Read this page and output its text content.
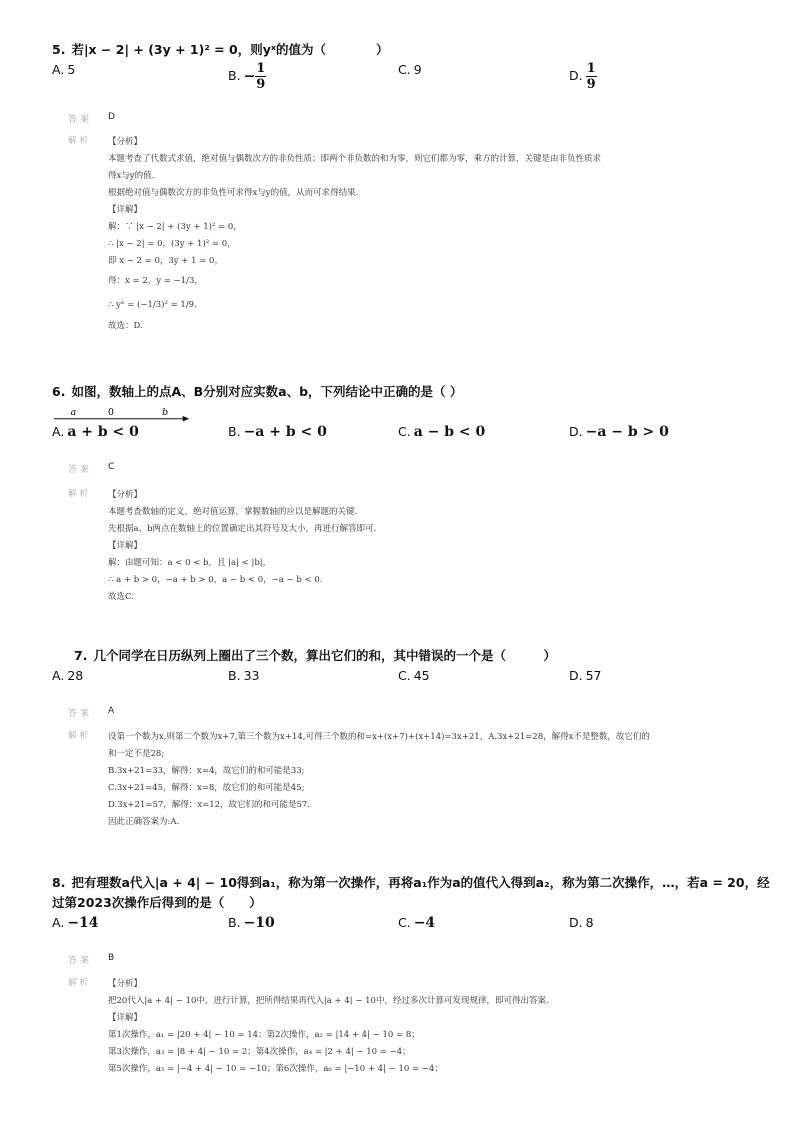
5. 若|x − 2| + (3y + 1)² = 0，则yˣ的值为（　　　　）
A. 5	B. − $\frac{1}{9}$	C. 9	D. $\frac{1}{9}$
答案	D
解析	【分析】
本题考查了代数式求值，绝对值与偶数次方的非负性质；即两个非负数的和为零，则它们都为零，乘方的计算，关键是由非负性质求
得x与y的值.
根据绝对值与偶数次方的非负性可求得x与y的值，从而可求得结果.
【详解】
解：∵ |x − 2| + (3y + 1)² = 0，
∴ |x − 2| = 0，(3y + 1)² = 0，
即 x − 2 = 0，3y + 1 = 0，
得：x = 2，y = −1/3，
∴ yˣ = (−1/3)² = 1/9.
故选：D.
6. 如图，数轴上的点A、B分别对应实数a、b，下列结论中正确的是（ ）
a	0	b
A. a + b < 0	B. −a + b < 0	C. a − b < 0	D. −a − b > 0
答案	C
解析	【分析】
本题考查数轴的定义，绝对值运算，掌握数轴的应以是解题的关键.
先根据a、b两点在数轴上的位置确定出其符号及大小，再进行解答即可.
【详解】
解：由题可知：a < 0 < b，且 |a| < |b|，
∴ a + b > 0，−a + b > 0，a − b < 0，−a − b < 0.
故选C.
7. 几个同学在日历纵列上圈出了三个数，算出它们的和，其中错误的一个是（　　　）
A. 28	B. 33	C. 45	D. 57
答案	A
解析	设第一个数为x,则第二个数为x+7,第三个数为x+14,可得三个数的和=x+(x+7)+(x+14)=3x+21，A.3x+21=28，解得x不是整数，故它们的
和一定不是28;
B.3x+21=33，解得：x=4，故它们的和可能是33;
C.3x+21=45，解得：x=8，故它们的和可能是45;
D.3x+21=57，解得：x=12，故它们的和可能是57.
因此正确答案为:A.
8. 把有理数a代入|a + 4| − 10得到a₁，称为第一次操作，再将a₁作为a的值代入得到a₂，称为第二次操作，…，若a = 20，经
过第2023次操作后得到的是（　　）
A. −14	B. −10	C. −4	D. 8
答案	B
解析	【分析】
把20代入|a + 4| − 10中，进行计算，把所得结果再代入|a + 4| − 10中，经过多次计算可发现规律，即可得出答案.
【详解】
第1次操作，a₁ = |20 + 4| − 10 = 14；第2次操作，a₂ = |14 + 4| − 10 = 8；
第3次操作，a₃ = |8 + 4| − 10 = 2；第4次操作，a₄ = |2 + 4| − 10 = −4；
第5次操作，a₅ = |−4 + 4| − 10 = −10；第6次操作，a₆ = |−10 + 4| − 10 = −4；
